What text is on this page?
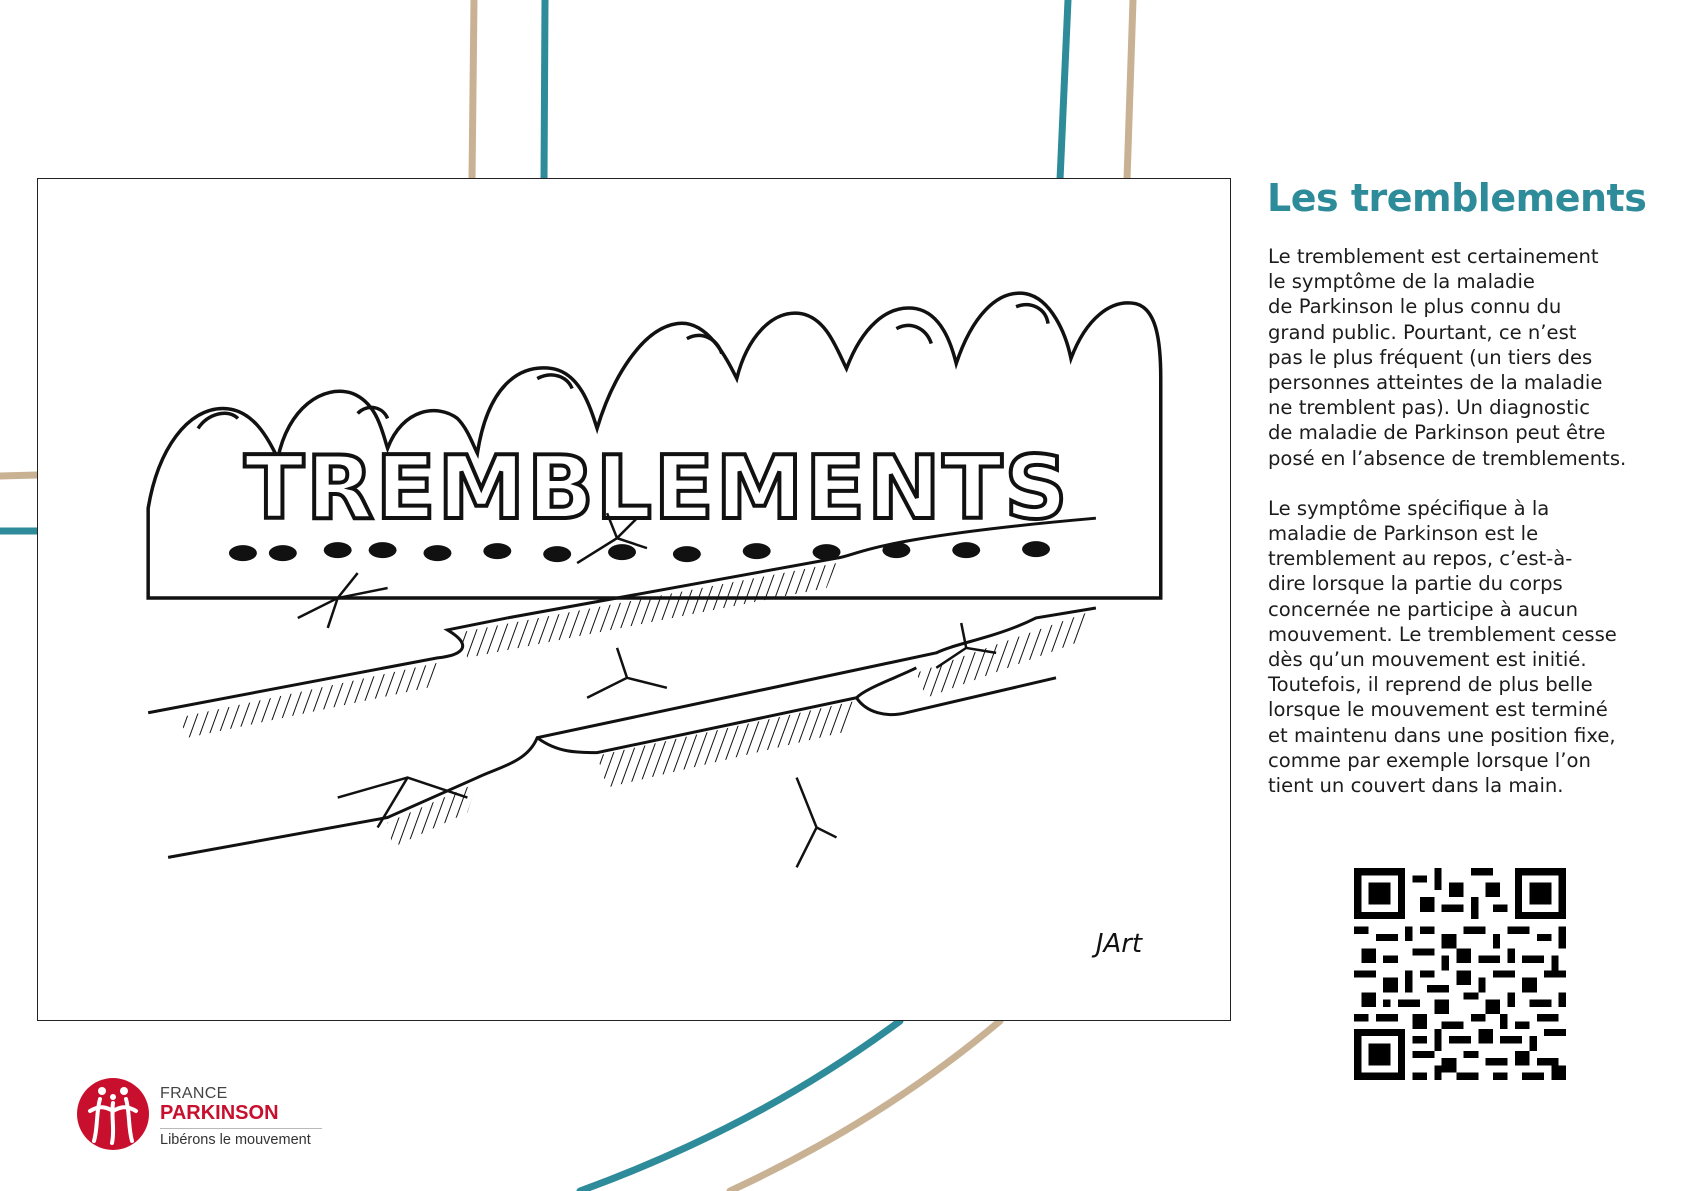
TREMBLEMENTS
JArt
Les tremblements

Le tremblement est certainement
le symptôme de la maladie
de Parkinson le plus connu du
grand public. Pourtant, ce n’est
pas le plus fréquent (un tiers des
personnes atteintes de la maladie
ne tremblent pas). Un diagnostic
de maladie de Parkinson peut être
posé en l’absence de tremblements.

Le symptôme spécifique à la
maladie de Parkinson est le
tremblement au repos, c’est-à-
dire lorsque la partie du corps
concernée ne participe à aucun
mouvement. Le tremblement cesse
dès qu’un mouvement est initié.
Toutefois, il reprend de plus belle
lorsque le mouvement est terminé
et maintenu dans une position fixe,
comme par exemple lorsque l’on
tient un couvert dans la main.

FRANCE
PARKINSON
Libérons le mouvement
